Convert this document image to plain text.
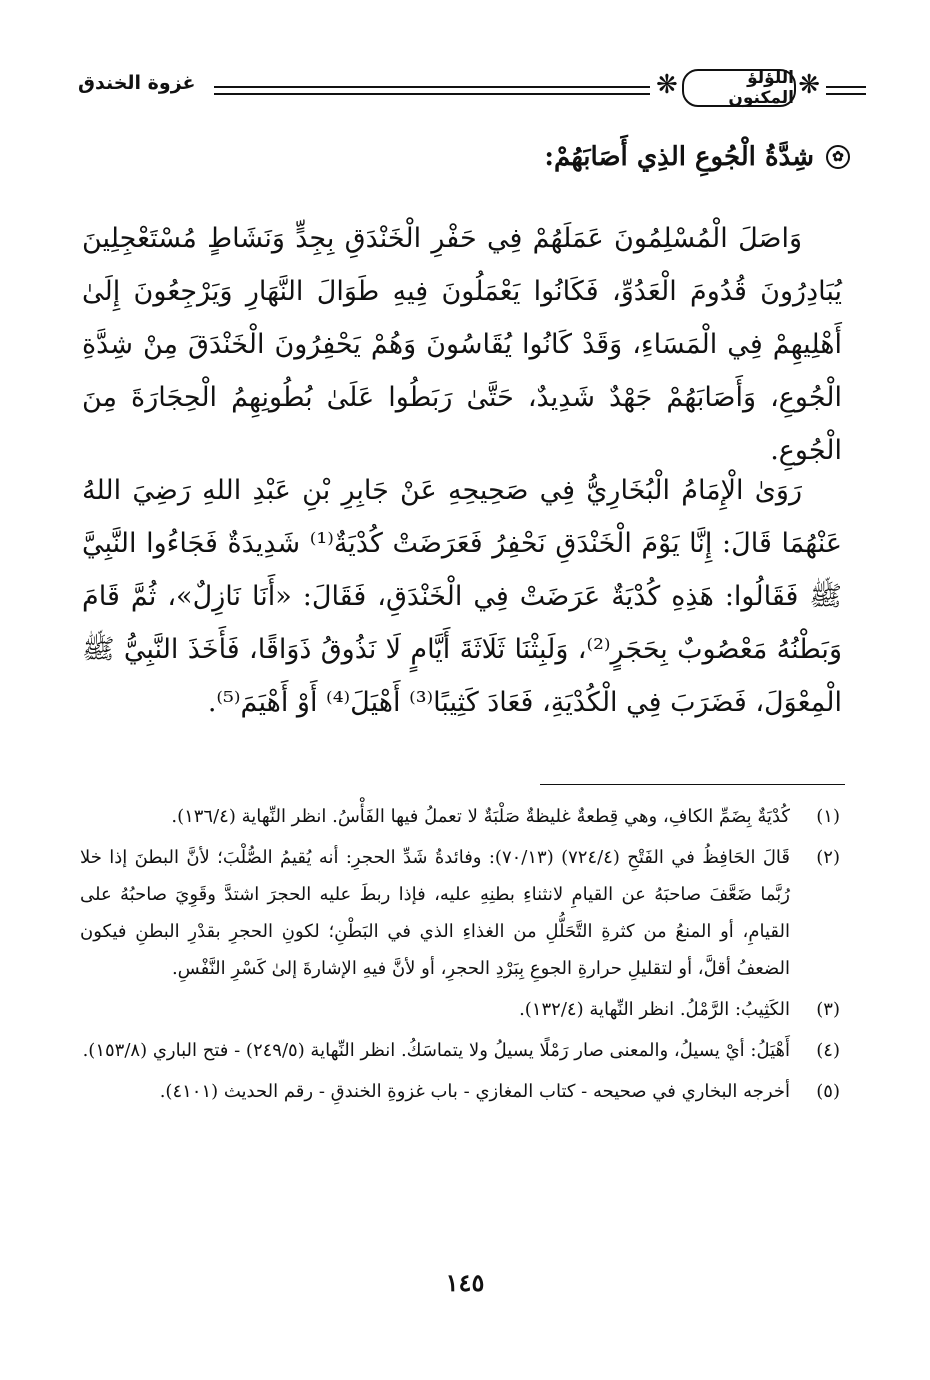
غزوة الخندق	❋	اللؤلؤ المكنون ❋
✿
شِدَّةُ الْجُوعِ الذِي أَصَابَهُمْ:
وَاصَلَ الْمُسْلِمُونَ عَمَلَهُمْ فِي حَفْرِ الْخَنْدَقِ بِجِدٍّ وَنَشَاطٍ مُسْتَعْجِلِينَ يُبَادِرُونَ قُدُومَ الْعَدُوِّ، فَكَانُوا يَعْمَلُونَ فِيهِ طَوَالَ النَّهَارِ وَيَرْجِعُونَ إِلَىٰ أَهْلِيهِمْ فِي الْمَسَاءِ، وَقَدْ كَانُوا يُقَاسُونَ وَهُمْ يَحْفِرُونَ الْخَنْدَقَ مِنْ شِدَّةِ الْجُوعِ، وَأَصَابَهُمْ جَهْدٌ شَدِيدٌ، حَتَّىٰ رَبَطُوا عَلَىٰ بُطُونِهِمُ الْحِجَارَةَ مِنَ الْجُوعِ.
رَوَىٰ الْإِمَامُ الْبُخَارِيُّ فِي صَحِيحِهِ عَنْ جَابِرِ بْنِ عَبْدِ اللهِ رَضِيَ اللهُ عَنْهُمَا قَالَ: إِنَّا يَوْمَ الْخَنْدَقِ نَحْفِرُ فَعَرَضَتْ كُدْيَةٌ⁽¹⁾ شَدِيدَةٌ فَجَاءُوا النَّبِيَّ ﷺ فَقَالُوا: هَذِهِ كُدْيَةٌ عَرَضَتْ فِي الْخَنْدَقِ، فَقَالَ: «أَنَا نَازِلٌ»، ثُمَّ قَامَ وَبَطْنُهُ مَعْصُوبٌ بِحَجَرٍ⁽²⁾، وَلَبِثْنَا ثَلَاثَةَ أَيَّامٍ لَا نَذُوقُ ذَوَاقًا، فَأَخَذَ النَّبِيُّ ﷺ الْمِعْوَلَ، فَضَرَبَ فِي الْكُدْيَةِ، فَعَادَ كَثِيبًا⁽³⁾ أَهْيَلَ⁽⁴⁾ أَوْ أَهْيَمَ⁽⁵⁾.
(١)
كُدْيَةٌ بِضَمِّ الكافِ، وهي قِطعةٌ غليظةٌ صَلْبَةٌ لا تعملُ فيها الفَأْسُ. انظر النِّهاية (١٣٦/٤).
(٢)
قَالَ الحَافِظُ في الفَتْحِ (٧٢٤/٤) (٧٠/١٣): وفائدةُ شَدِّ الحجرِ: أنه يُقيمُ الصُّلْبَ؛ لأنَّ البطنَ إذا خلا رُبَّما ضَعَّفَ صاحبَهُ عن القيامِ لانثناءِ بطنِهِ عليه، فإذا ربطَ عليه الحجرَ اشتدَّ وقَوِيَ صاحبُهُ على القيامِ، أو المنعُ من كثرةِ التَّحَلُّلِ من الغذاءِ الذي في البَطْنِ؛ لكونِ الحجرِ بقدْرِ البطنِ فيكون الضعفُ أقلَّ، أو لتقليلِ حرارةِ الجوعِ بِبَرْدِ الحجرِ، أو لأنَّ فيهِ الإشارةَ إلىٰ كَسْرِ النَّفْسِ.
(٣)
الكَثِيبُ: الرَّمْلُ. انظر النِّهاية (١٣٢/٤).
(٤)
أَهْيَلُ: أيْ يسيلُ، والمعنى صار رَمْلًا يسيلُ ولا يتماسَكُ. انظر النِّهاية (٢٤٩/٥) - فتح الباري (١٥٣/٨).
(٥)
أخرجه البخاري في صحيحه - كتاب المغازي - باب غزوةِ الخندقِ - رقم الحديث (٤١٠١).
١٤٥
